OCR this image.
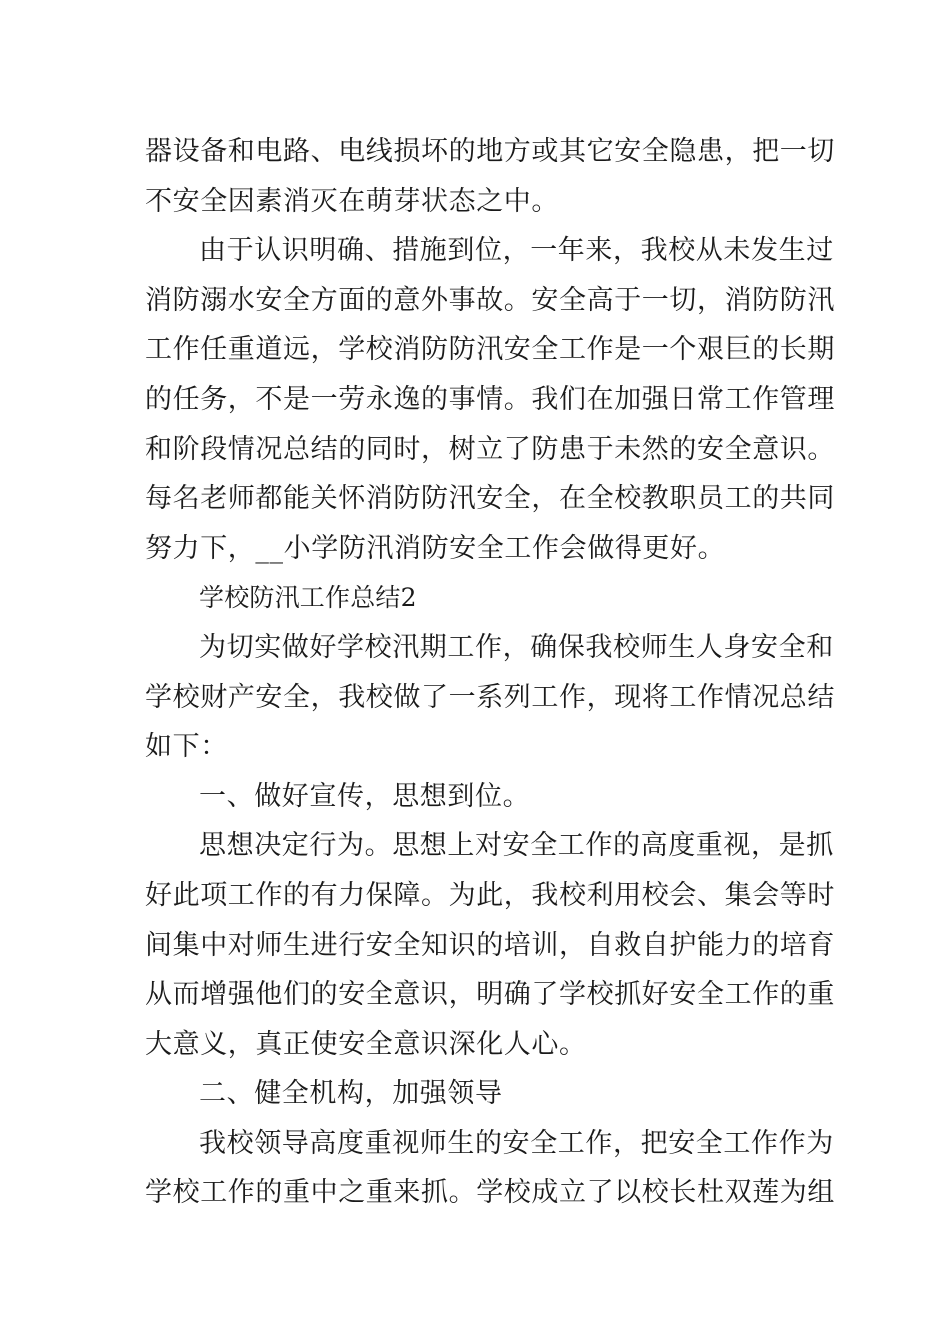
器设备和电路、电线损坏的地方或其它安全隐患，把一切
不安全因素消灭在萌芽状态之中。
由于认识明确、措施到位，一年来，我校从未发生过
消防溺水安全方面的意外事故。安全高于一切，消防防汛
工作任重道远，学校消防防汛安全工作是一个艰巨的长期
的任务，不是一劳永逸的事情。我们在加强日常工作管理
和阶段情况总结的同时，树立了防患于未然的安全意识。
每名老师都能关怀消防防汛安全，在全校教职员工的共同
努力下，__小学防汛消防安全工作会做得更好。
学校防汛工作总结2
为切实做好学校汛期工作，确保我校师生人身安全和
学校财产安全，我校做了一系列工作，现将工作情况总结
如下：
一、做好宣传，思想到位。
思想决定行为。思想上对安全工作的高度重视，是抓
好此项工作的有力保障。为此，我校利用校会、集会等时
间集中对师生进行安全知识的培训，自救自护能力的培育
从而增强他们的安全意识，明确了学校抓好安全工作的重
大意义，真正使安全意识深化人心。
二、健全机构，加强领导
我校领导高度重视师生的安全工作，把安全工作作为
学校工作的重中之重来抓。学校成立了以校长杜双莲为组
